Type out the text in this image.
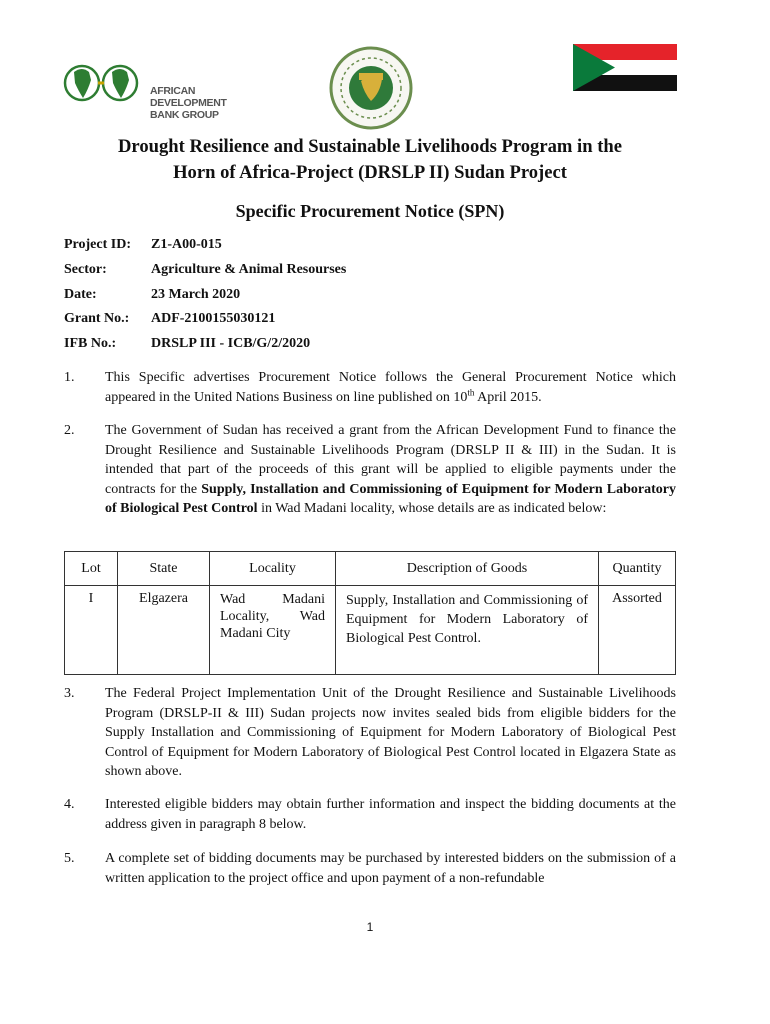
AFRICAN DEVELOPMENT
BANK GROUP
Drought Resilience and Sustainable Livelihoods Program in the
Horn of Africa-Project (DRSLP II) Sudan Project
Specific Procurement Notice (SPN)
Project ID: Z1-A00-015
Sector:	Agriculture & Animal Resourses
Date:	23 March 2020
Grant No.: ADF-2100155030121
IFB No.: DRSLP III - ICB/G/2/2020
1. This Specific advertises Procurement Notice follows the General Procurement Notice which appeared in the United Nations Business on line published on 10th April 2015.
2. The Government of Sudan has received a grant from the African Development Fund to finance the Drought Resilience and Sustainable Livelihoods Program (DRSLP II & III) in the Sudan. It is intended that part of the proceeds of this grant will be applied to eligible payments under the contracts for the Supply, Installation and Commissioning of Equipment for Modern Laboratory of Biological Pest Control in Wad Madani locality, whose details are as indicated below:
Lot	State	Locality	Description of Goods	Quantity
I	Elgazera	Wad Madani Locality, Wad Madani City	Supply, Installation and Commissioning of Equipment for Modern Laboratory of Biological Pest Control.	Assorted
3. The Federal Project Implementation Unit of the Drought Resilience and Sustainable Livelihoods Program (DRSLP-II & III) Sudan projects now invites sealed bids from eligible bidders for the Supply Installation and Commissioning of Equipment for Modern Laboratory of Biological Pest Control of Equipment for Modern Laboratory of Biological Pest Control located in Elgazera State as shown above.
4. Interested eligible bidders may obtain further information and inspect the bidding documents at the address given in paragraph 8 below.
5. A complete set of bidding documents may be purchased by interested bidders on the submission of a written application to the project office and upon payment of a non-refundable
1
